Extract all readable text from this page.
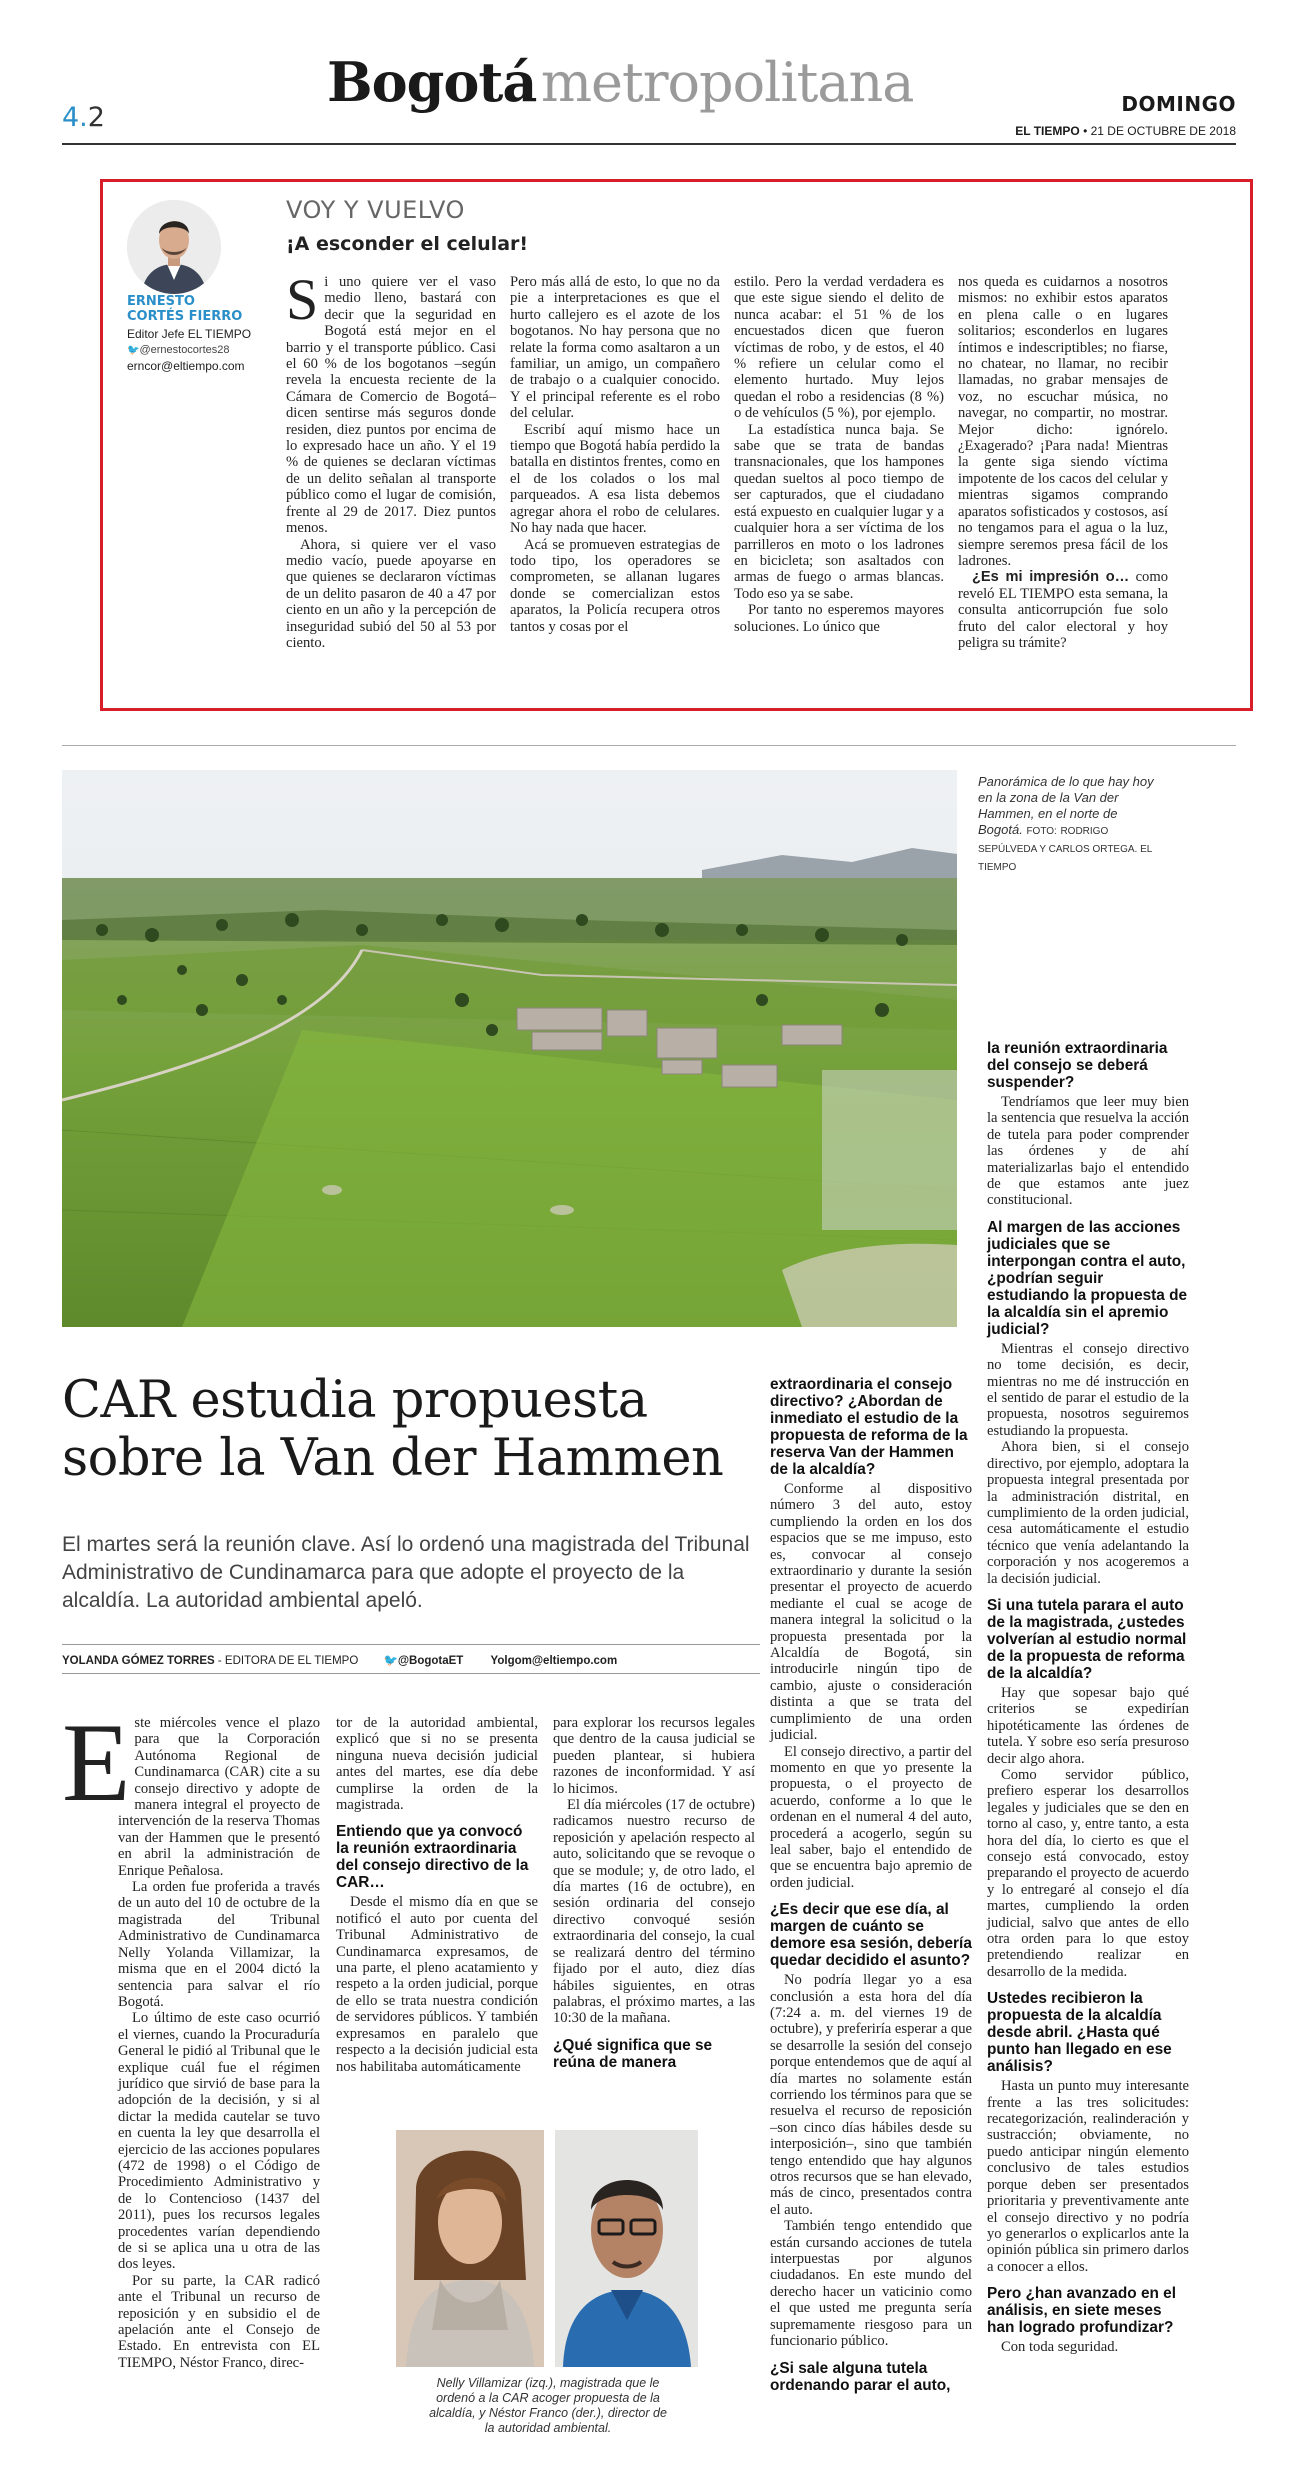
4.2
Bogotá metropolitana	DOMINGO
EL TIEMPO • 21 DE OCTUBRE DE 2018
ERNESTO
CORTÉS FIERRO
Editor Jefe EL TIEMPO
🐦@ernestocortes28
erncor@eltiempo.com
VOY Y VUELVO
¡A esconder el celular!

Si uno quiere ver el vaso medio lleno, bastará con decir que la seguridad en Bogotá está mejor en el barrio y el transporte público. Casi el 60 % de los bogotanos –según revela la encuesta reciente de la Cámara de Comercio de Bogotá– dicen sentirse más seguros donde residen, diez puntos por encima de lo expresado hace un año. Y el 19 % de quienes se declaran víctimas de un delito señalan al transporte público como el lugar de comisión, frente al 29 de 2017. Diez puntos menos.

Ahora, si quiere ver el vaso medio vacío, puede apoyarse en que quienes se declararon víctimas de un delito pasaron de 40 a 47 por ciento en un año y la percepción de inseguridad subió del 50 al 53 por ciento.

Pero más allá de esto, lo que no da pie a interpretaciones es que el hurto callejero es el azote de los bogotanos. No hay persona que no relate la forma como asaltaron a un familiar, un amigo, un compañero de trabajo o a cualquier conocido. Y el principal referente es el robo del celular.

Escribí aquí mismo hace un tiempo que Bogotá había perdido la batalla en distintos frentes, como en el de los colados o los mal parqueados. A esa lista debemos agregar ahora el robo de celulares. No hay nada que hacer.

Acá se promueven estrategias de todo tipo, los operadores se comprometen, se allanan lugares donde se comercializan estos aparatos, la Policía recupera otros tantos y cosas por el

estilo. Pero la verdad verdadera es que este sigue siendo el delito de nunca acabar: el 51 % de los encuestados dicen que fueron víctimas de robo, y de estos, el 40 % refiere un celular como el elemento hurtado. Muy lejos quedan el robo a residencias (8 %) o de vehículos (5 %), por ejemplo.

La estadística nunca baja. Se sabe que se trata de bandas transnacionales, que los hampones quedan sueltos al poco tiempo de ser capturados, que el ciudadano está expuesto en cualquier lugar y a cualquier hora a ser víctima de los parrilleros en moto o los ladrones en bicicleta; son asaltados con armas de fuego o armas blancas. Todo eso ya se sabe.

Por tanto no esperemos mayores soluciones. Lo único que

nos queda es cuidarnos a nosotros mismos: no exhibir estos aparatos en plena calle o en lugares solitarios; esconderlos en lugares íntimos e indescriptibles; no fiarse, no chatear, no llamar, no recibir llamadas, no grabar mensajes de voz, no escuchar música, no navegar, no compartir, no mostrar. Mejor dicho: ignórelo. ¿Exagerado? ¡Para nada! Mientras la gente siga siendo víctima impotente de los cacos del celular y mientras sigamos comprando aparatos sofisticados y costosos, así no tengamos para el agua o la luz, siempre seremos presa fácil de los ladrones.

¿Es mi impresión o… como reveló EL TIEMPO esta semana, la consulta anticorrupción fue solo fruto del calor electoral y hoy peligra su trámite?

Panorámica de lo que hay hoy en la zona de la Van der Hammen, en el norte de Bogotá. FOTO: RODRIGO SEPÚLVEDA Y CARLOS ORTEGA. EL TIEMPO
CAR estudia propuesta sobre la Van der Hammen
El martes será la reunión clave. Así lo ordenó una magistrada del Tribunal Administrativo de Cundinamarca para que adopte el proyecto de la alcaldía. La autoridad ambiental apeló.
YOLANDA GÓMEZ TORRES - EDITORA DE EL TIEMPO 🐦@BogotaET Yolgom@eltiempo.com

Este miércoles vence el plazo para que la Corporación Autónoma Regional de Cundinamarca (CAR) cite a su consejo directivo y adopte de manera integral el proyecto de intervención de la reserva Thomas van der Hammen que le presentó en abril la administración de Enrique Peñalosa.

La orden fue proferida a través de un auto del 10 de octubre de la magistrada del Tribunal Administrativo de Cundinamarca Nelly Yolanda Villamizar, la misma que en el 2004 dictó la sentencia para salvar el río Bogotá.

Lo último de este caso ocurrió el viernes, cuando la Procuraduría General le pidió al Tribunal que le explique cuál fue el régimen jurídico que sirvió de base para la adopción de la decisión, y si al dictar la medida cautelar se tuvo en cuenta la ley que desarrolla el ejercicio de las acciones populares (472 de 1998) o el Código de Procedimiento Administrativo y de lo Contencioso (1437 del 2011), pues los recursos legales procedentes varían dependiendo de si se aplica una u otra de las dos leyes.

Por su parte, la CAR radicó ante el Tribunal un recurso de reposición y en subsidio el de apelación ante el Consejo de Estado. En entrevista con EL TIEMPO, Néstor Franco, direc-

tor de la autoridad ambiental, explicó que si no se presenta ninguna nueva decisión judicial antes del martes, ese día debe cumplirse la orden de la magistrada.

Entiendo que ya convocó la reunión extraordinaria del consejo directivo de la CAR…

Desde el mismo día en que se notificó el auto por cuenta del Tribunal Administrativo de Cundinamarca expresamos, de una parte, el pleno acatamiento y respeto a la orden judicial, porque de ello se trata nuestra condición de servidores públicos. Y también expresamos en paralelo que respecto a la decisión judicial esta nos habilitaba automáticamente

para explorar los recursos legales que dentro de la causa judicial se pueden plantear, si hubiera razones de inconformidad. Y así lo hicimos.

El día miércoles (17 de octubre) radicamos nuestro recurso de reposición y apelación respecto al auto, solicitando que se revoque o que se module; y, de otro lado, el día martes (16 de octubre), en sesión ordinaria del consejo directivo convoqué sesión extraordinaria del consejo, la cual se realizará dentro del término fijado por el auto, diez días hábiles siguientes, en otras palabras, el próximo martes, a las 10:30 de la mañana.

¿Qué significa que se reúna de manera
Nelly Villamizar (izq.), magistrada que le ordenó a la CAR acoger propuesta de la alcaldía, y Néstor Franco (der.), director de la autoridad ambiental.
extraordinaria el consejo directivo? ¿Abordan de inmediato el estudio de la propuesta de reforma de la reserva Van der Hammen de la alcaldía?

Conforme al dispositivo número 3 del auto, estoy cumpliendo la orden en los dos espacios que se me impuso, esto es, convocar al consejo extraordinario y durante la sesión presentar el proyecto de acuerdo mediante el cual se acoge de manera integral la solicitud o la propuesta presentada por la Alcaldía de Bogotá, sin introducirle ningún tipo de cambio, ajuste o consideración distinta a que se trata del cumplimiento de una orden judicial.

El consejo directivo, a partir del momento en que yo presente la propuesta, o el proyecto de acuerdo, conforme a lo que le ordenan en el numeral 4 del auto, procederá a acogerlo, según su leal saber, bajo el entendido de que se encuentra bajo apremio de orden judicial.

¿Es decir que ese día, al margen de cuánto se demore esa sesión, debería quedar decidido el asunto?

No podría llegar yo a esa conclusión a esta hora del día (7:24 a. m. del viernes 19 de octubre), y preferiría esperar a que se desarrolle la sesión del consejo porque entendemos que de aquí al día martes no solamente están corriendo los términos para que se resuelva el recurso de reposición –son cinco días hábiles desde su interposición–, sino que también tengo entendido que hay algunos otros recursos que se han elevado, más de cinco, presentados contra el auto.

También tengo entendido que están cursando acciones de tutela interpuestas por algunos ciudadanos. En este mundo del derecho hacer un vaticinio como el que usted me pregunta sería supremamente riesgoso para un funcionario público.

¿Si sale alguna tutela ordenando parar el auto,
la reunión extraordinaria del consejo se deberá suspender?

Tendríamos que leer muy bien la sentencia que resuelva la acción de tutela para poder comprender las órdenes y de ahí materializarlas bajo el entendido de que estamos ante juez constitucional.

Al margen de las acciones judiciales que se interpongan contra el auto, ¿podrían seguir estudiando la propuesta de la alcaldía sin el apremio judicial?

Mientras el consejo directivo no tome decisión, es decir, mientras no me dé instrucción en el sentido de parar el estudio de la propuesta, nosotros seguiremos estudiando la propuesta.

Ahora bien, si el consejo directivo, por ejemplo, adoptara la propuesta integral presentada por la administración distrital, en cumplimiento de la orden judicial, cesa automáticamente el estudio técnico que venía adelantando la corporación y nos acogeremos a la decisión judicial.

Si una tutela parara el auto de la magistrada, ¿ustedes volverían al estudio normal de la propuesta de reforma de la alcaldía?

Hay que sopesar bajo qué criterios se expedirían hipotéticamente las órdenes de tutela. Y sobre eso sería presuroso decir algo ahora.

Como servidor público, prefiero esperar los desarrollos legales y judiciales que se den en torno al caso, y, entre tanto, a esta hora del día, lo cierto es que el consejo está convocado, estoy preparando el proyecto de acuerdo y lo entregaré al consejo el día martes, cumpliendo la orden judicial, salvo que antes de ello otra orden para lo que estoy pretendiendo realizar en desarrollo de la medida.

Ustedes recibieron la propuesta de la alcaldía desde abril. ¿Hasta qué punto han llegado en ese análisis?

Hasta un punto muy interesante frente a las tres solicitudes: recategorización, realinderación y sustracción; obviamente, no puedo anticipar ningún elemento conclusivo de tales estudios porque deben ser presentados prioritaria y preventivamente ante el consejo directivo y no podría yo generarlos o explicarlos ante la opinión pública sin primero darlos a conocer a ellos.

Pero ¿han avanzado en el análisis, en siete meses han logrado profundizar?

Con toda seguridad.
